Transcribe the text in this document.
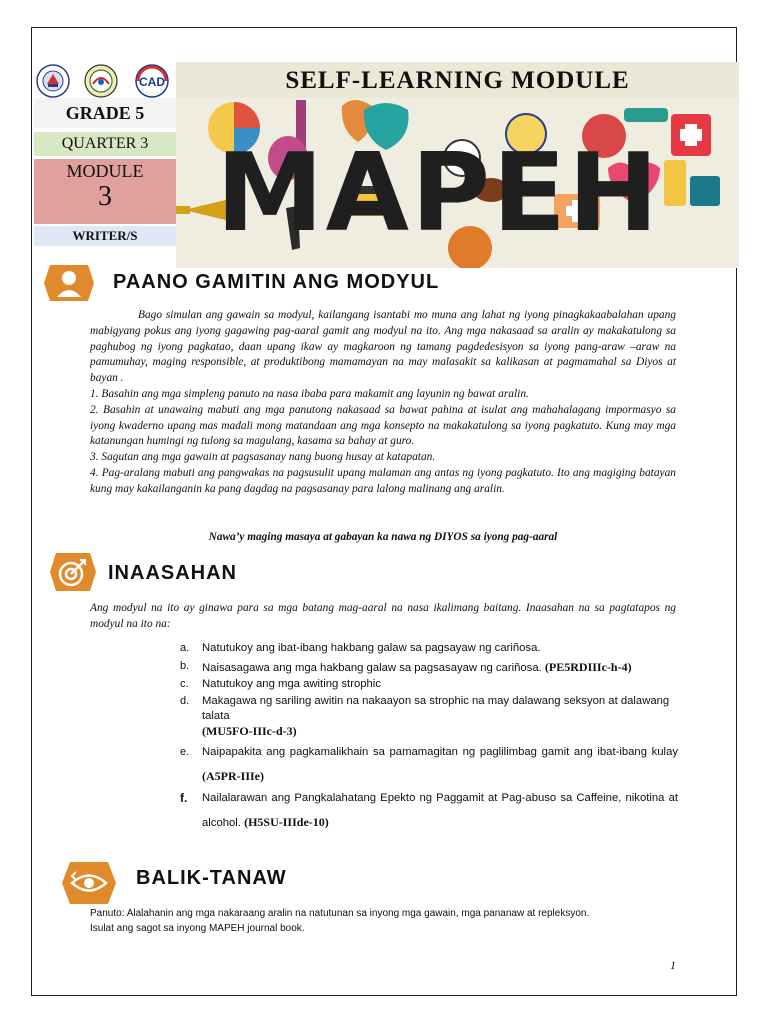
CAD
GRADE 5
QUARTER 3
MODULE
3
WRITER/S
SELF-LEARNING MODULE
MAPEH
PAANO GAMITIN ANG MODYUL

Bago simulan ang gawain sa modyul, kailangang isantabi mo muna ang lahat ng iyong pinagkakaabalahan upang mabigyang pokus ang iyong gagawing pag-aaral gamit ang modyul na ito. Ang mga nakasaad sa aralin ay makakatulong sa paghubog ng iyong pagkatao, daan upang ikaw ay magkaroon ng tamang pagdedesisyon sa iyong pang-araw –araw na pamumuhay, maging responsible, at produktibong mamamayan na may malasakit sa kalikasan at pagmamahal sa Diyos at bayan .

1. Basahin ang mga simpleng panuto na nasa ibaba para makamit ang layunin ng bawat aralin.

2. Basahin at unawaing mabuti ang mga panutong nakasaad sa bawat pahina at isulat ang mahahalagang impormasyo sa iyong kwaderno upang mas madali mong matandaan ang mga konsepto na makakatulong sa iyong pagkatuto. Kung may mga katanungan humingi ng tulong sa magulang, kasama sa bahay at guro.

3. Sagutan ang mga gawain at pagsasanay nang buong husay at katapatan.

4. Pag-aralang mabuti ang pangwakas na pagsusulit upang malaman ang antas ng iyong pagkatuto. Ito ang magiging batayan kung may kakailanganin ka pang dagdag na pagsasanay para lalong malinang ang aralin.

Nawa’y maging masaya at gabayan ka nawa ng DIYOS sa iyong pag-aaral
INAASAHAN
Ang modyul na ito ay ginawa para sa mga batang mag-aaral na nasa ikalimang baitang. Inaasahan na sa pagtatapos ng modyul na ito na:
a.	Natutukoy ang ibat-ibang hakbang galaw sa pagsayaw ng cariñosa.
b.	Naisasagawa ang mga hakbang galaw sa pagsasayaw ng cariñosa. (PE5RDIIIc-h-4)
c.	Natutukoy ang mga awiting strophic
d.	Makagawa ng sariling awitin na nakaayon sa strophic na may dalawang seksyon at dalawang talata
(MU5FO-IIIc-d-3)
e.	Naipapakita ang pagkamalikhain sa pamamagitan ng paglilimbag gamit ang ibat-ibang kulay (A5PR-IIIe)
f.	Nailalarawan ang Pangkalahatang Epekto ng Paggamit at Pag-abuso sa Caffeine, nikotina at alcohol. (H5SU-IIIde-10)
BALIK-TANAW
Panuto: Alalahanin ang mga nakaraang aralin na natutunan sa inyong mga gawain, mga pananaw at repleksyon.
Isulat ang sagot sa inyong MAPEH journal book.
1
